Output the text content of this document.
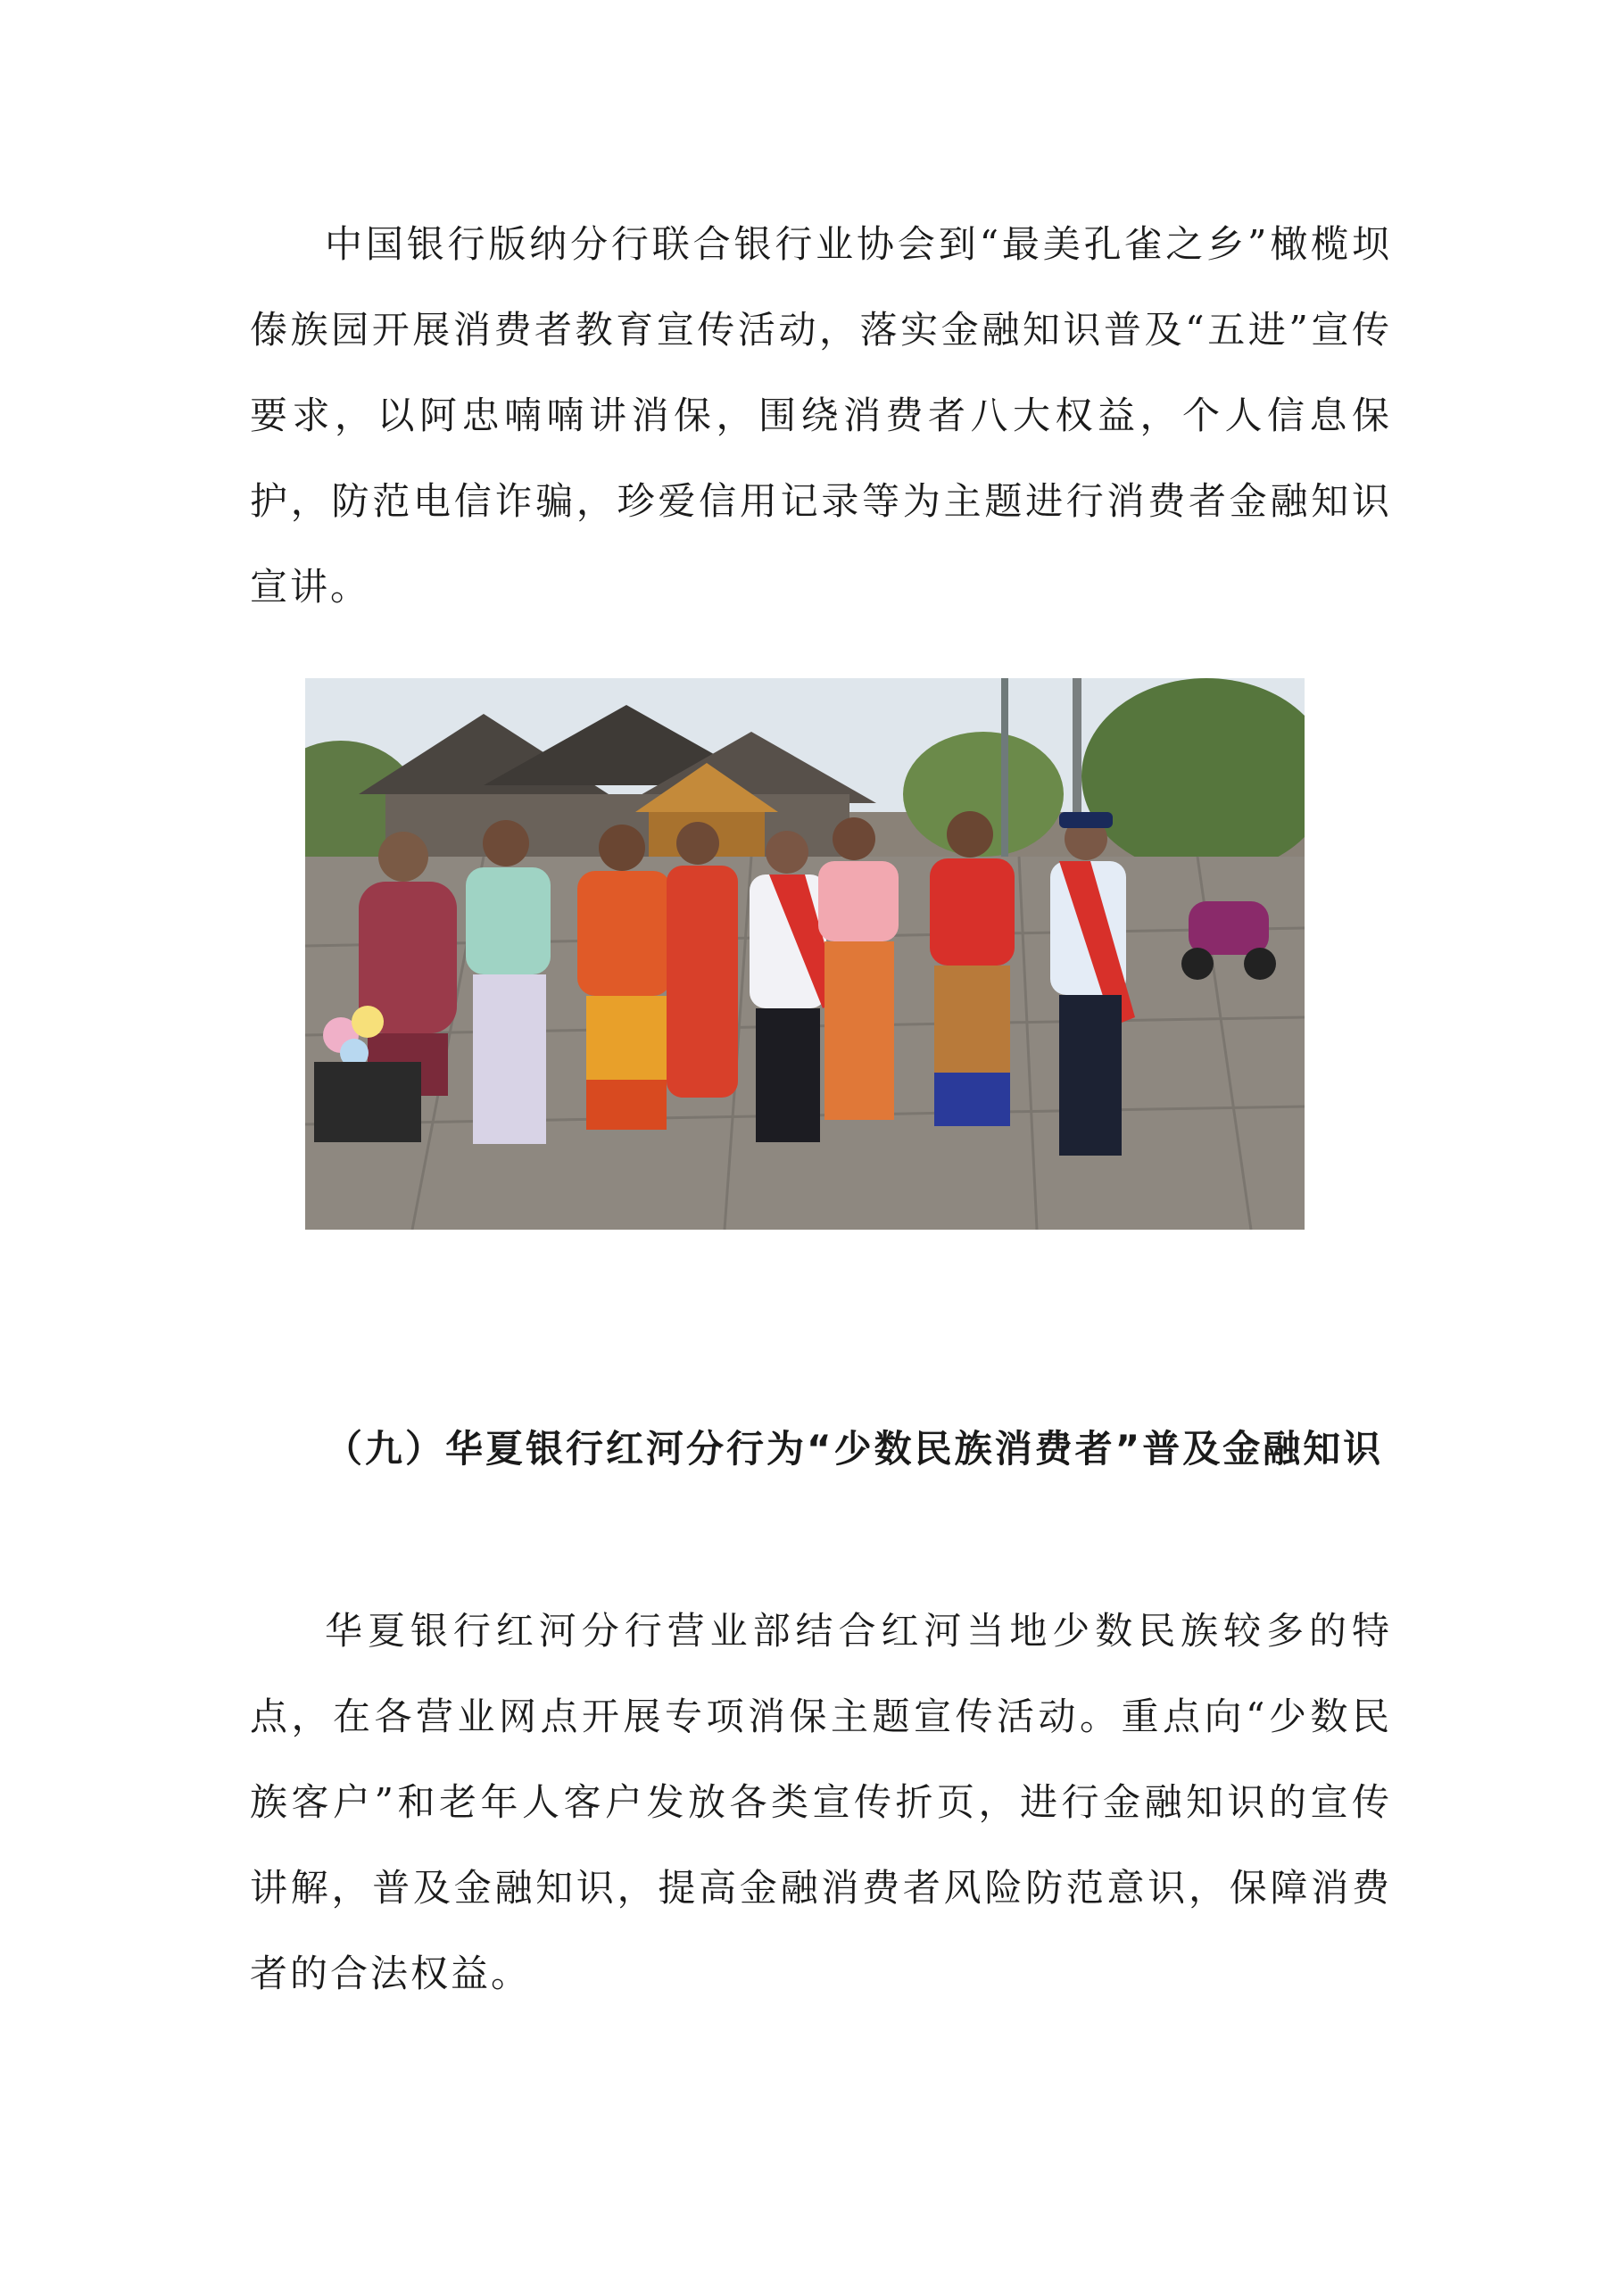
中国银行版纳分行联合银行业协会到“最美孔雀之乡”橄榄坝傣族园开展消费者教育宣传活动，落实金融知识普及“五进”宣传要求，以阿忠喃喃讲消保，围绕消费者八大权益，个人信息保护，防范电信诈骗，珍爱信用记录等为主题进行消费者金融知识宣讲。

（九）华夏银行红河分行为“少数民族消费者”普及金融知识

华夏银行红河分行营业部结合红河当地少数民族较多的特点，在各营业网点开展专项消保主题宣传活动。重点向“少数民族客户”和老年人客户发放各类宣传折页，进行金融知识的宣传讲解，普及金融知识，提高金融消费者风险防范意识，保障消费者的合法权益。
